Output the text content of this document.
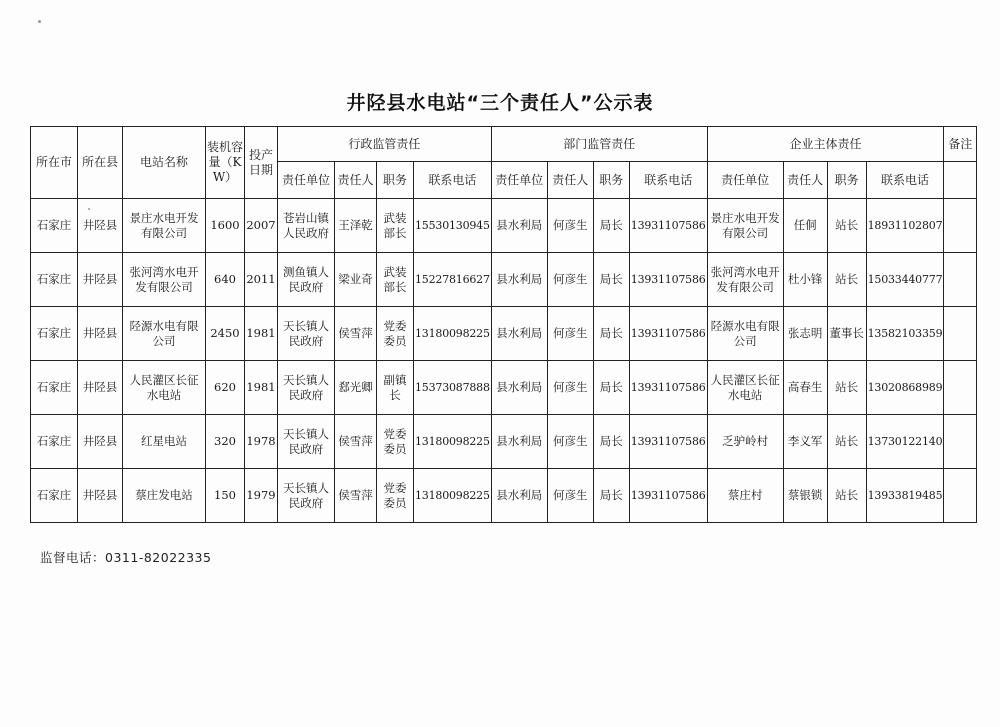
井陉县水电站“三个责任人”公示表
所在市	所在县	电站名称	装机容量（KW）	投产日期	行政监管责任				部门监管责任				企业主体责任				备注
					责任单位	责任人	职务	联系电话	责任单位	责任人	职务	联系电话	责任单位	责任人	职务	联系电话	
石家庄	井陉县	景庄水电开发有限公司	1600	2007	苍岩山镇人民政府	王泽乾	武装部长	15530130945	县水利局	何彦生	局长	13931107586	景庄水电开发有限公司	任侗	站长	18931102807	
石家庄	井陉县	张河湾水电开发有限公司	640	2011	测鱼镇人民政府	梁业奇	武装部长	15227816627	县水利局	何彦生	局长	13931107586	张河湾水电开发有限公司	杜小锋	站长	15033440777	
石家庄	井陉县	陉源水电有限公司	2450	1981	天长镇人民政府	侯雪萍	党委委员	13180098225	县水利局	何彦生	局长	13931107586	陉源水电有限公司	张志明	董事长	13582103359	
石家庄	井陉县	人民灌区长征水电站	620	1981	天长镇人民政府	郄光卿	副镇长	15373087888	县水利局	何彦生	局长	13931107586	人民灌区长征水电站	高春生	站长	13020868989	
石家庄	井陉县	红星电站	320	1978	天长镇人民政府	侯雪萍	党委委员	13180098225	县水利局	何彦生	局长	13931107586	乏驴岭村	李义军	站长	13730122140	
石家庄	井陉县	蔡庄发电站	150	1979	天长镇人民政府	侯雪萍	党委委员	13180098225	县水利局	何彦生	局长	13931107586	蔡庄村	蔡银锁	站长	13933819485	
监督电话：0311-82022335
